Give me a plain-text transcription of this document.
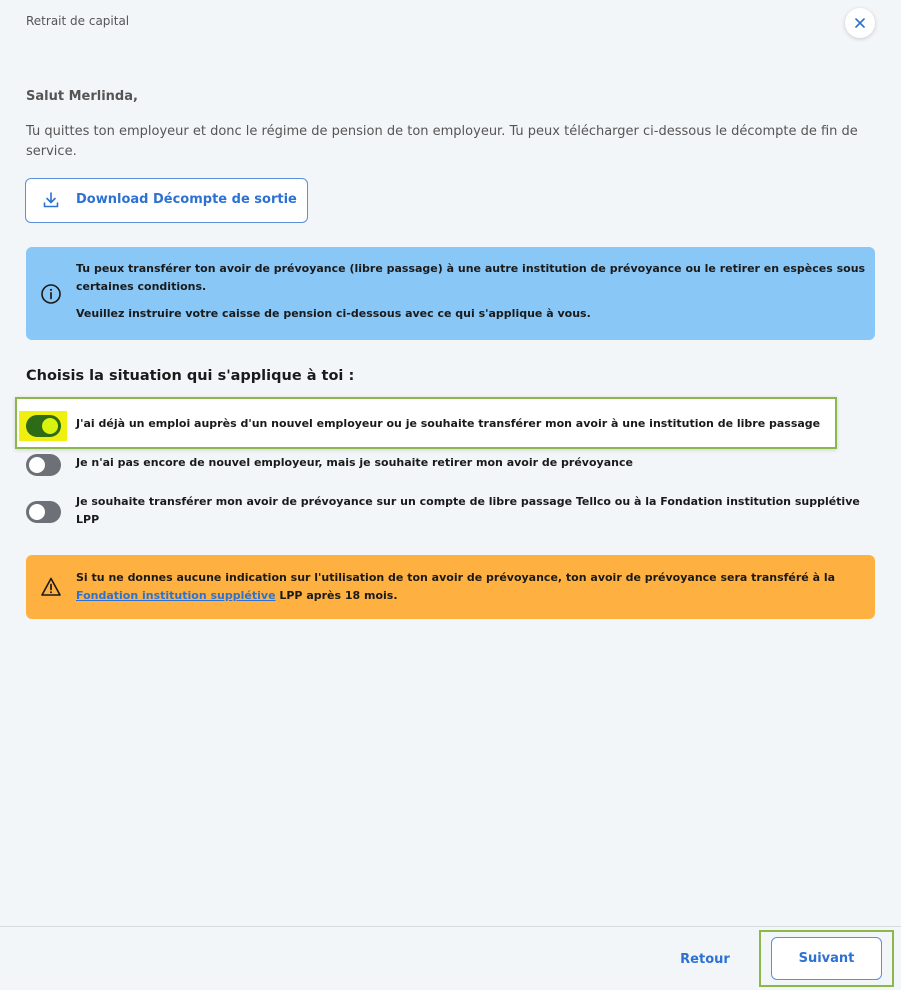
Retrait de capital
Salut Merlinda,
Tu quittes ton employeur et donc le régime de pension de ton employeur. Tu peux télécharger ci-dessous le décompte de fin de service.
Download Décompte de sortie
Tu peux transférer ton avoir de prévoyance (libre passage) à une autre institution de prévoyance ou le retirer en espèces sous certaines conditions.
Veuillez instruire votre caisse de pension ci-dessous avec ce qui s'applique à vous.
Choisis la situation qui s'applique à toi :
J'ai déjà un emploi auprès d'un nouvel employeur ou je souhaite transférer mon avoir à une institution de libre passage
Je n'ai pas encore de nouvel employeur, mais je souhaite retirer mon avoir de prévoyance
Je souhaite transférer mon avoir de prévoyance sur un compte de libre passage Tellco ou à la Fondation institution supplétive LPP
Si tu ne donnes aucune indication sur l'utilisation de ton avoir de prévoyance, ton avoir de prévoyance sera transféré à la Fondation institution supplétive LPP après 18 mois.
Retour	Suivant
